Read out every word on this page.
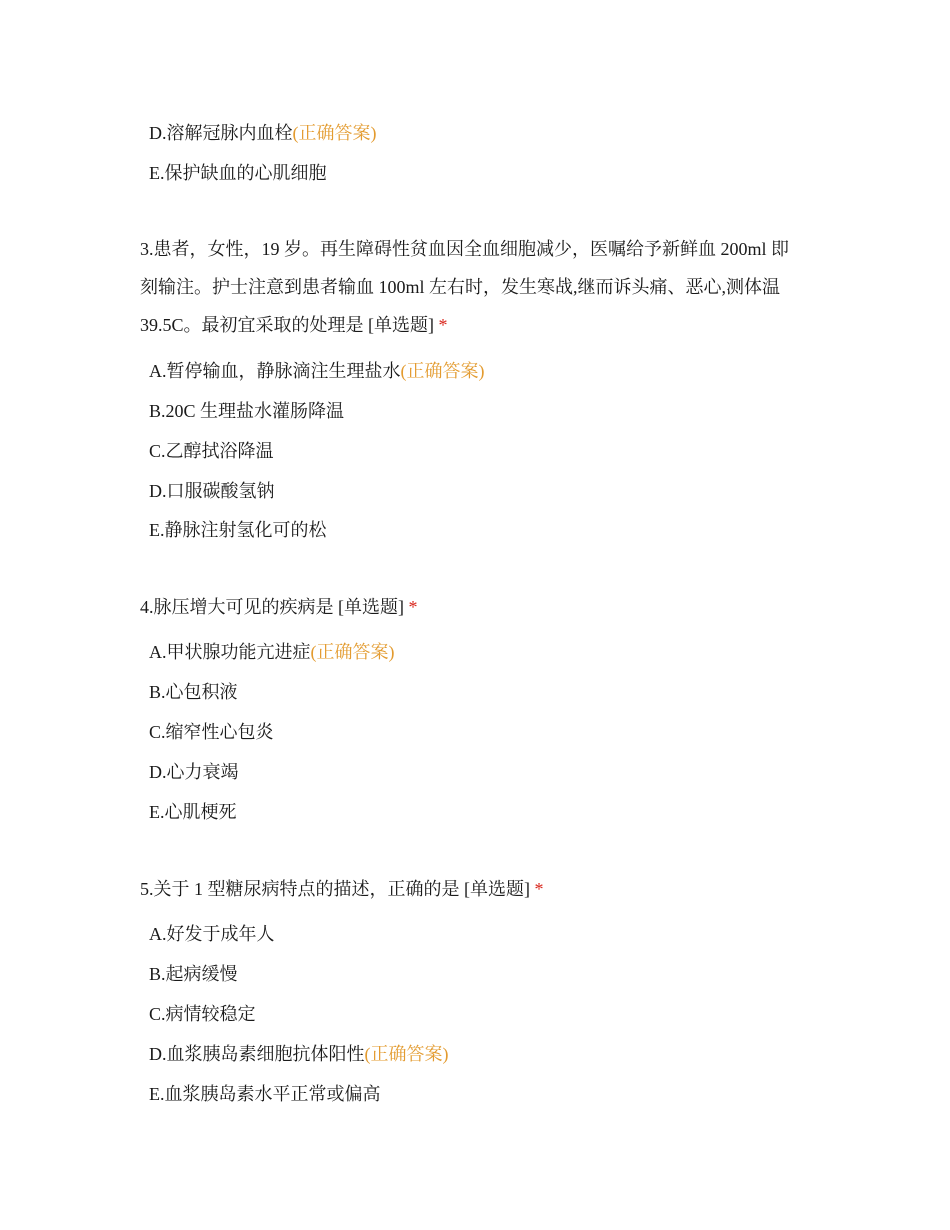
D.溶解冠脉内血栓(正确答案)
E.保护缺血的心肌细胞
3.患者，女性，19 岁。再生障碍性贫血因全血细胞减少，医嘱给予新鲜血 200ml 即
刻输注。护士注意到患者输血 100ml 左右时，发生寒战,继而诉头痛、恶心,测体温
39.5C。最初宜采取的处理是 [单选题] *
A.暂停输血，静脉滴注生理盐水(正确答案)
B.20C 生理盐水灌肠降温
C.乙醇拭浴降温
D.口服碳酸氢钠
E.静脉注射氢化可的松
4.脉压增大可见的疾病是 [单选题] *
A.甲状腺功能亢进症(正确答案)
B.心包积液
C.缩窄性心包炎
D.心力衰竭
E.心肌梗死
5.关于 1 型糖尿病特点的描述，正确的是 [单选题] *
A.好发于成年人
B.起病缓慢
C.病情较稳定
D.血浆胰岛素细胞抗体阳性(正确答案)
E.血浆胰岛素水平正常或偏高
